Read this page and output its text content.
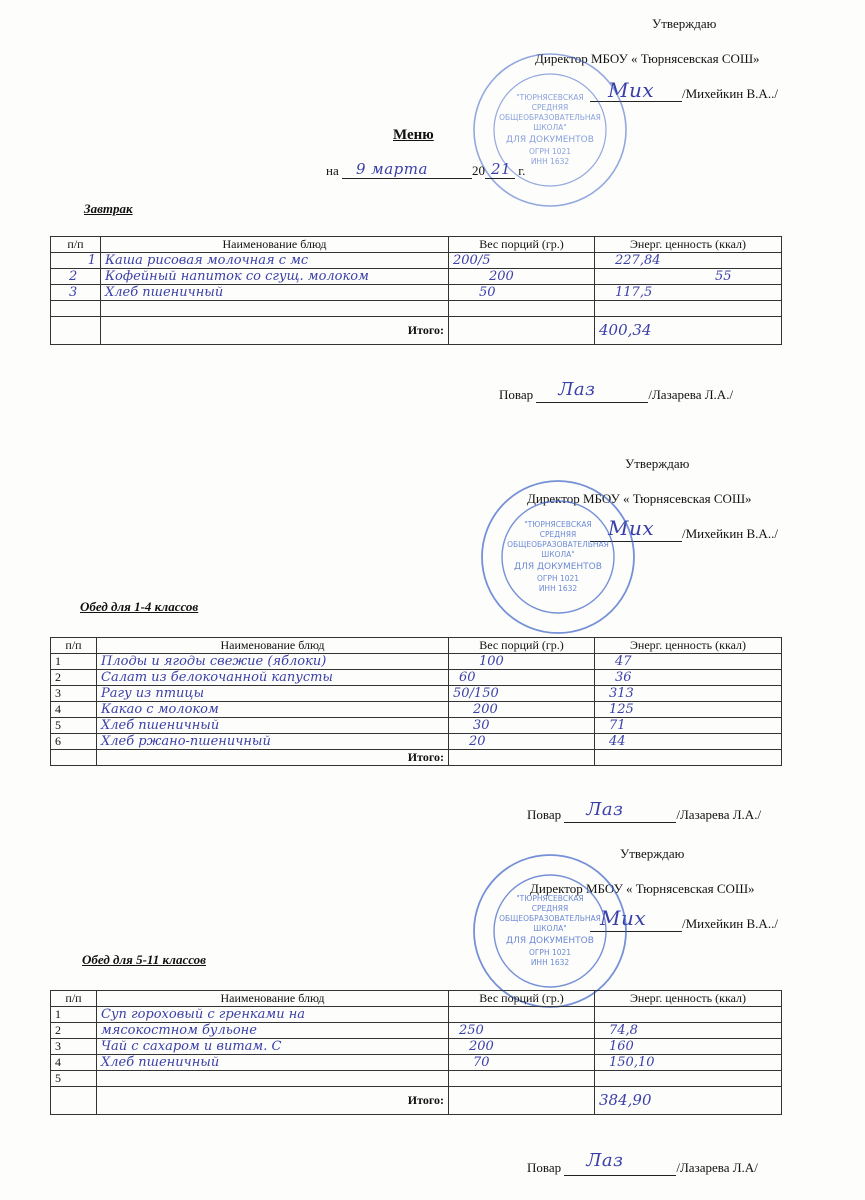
Утверждаю
Директор МБОУ « Тюрнясевская СОШ»
Мих /Михейкин В.А../
"ТЮРНЯСЕВСКАЯ
СРЕДНЯЯ
ОБЩЕОБРАЗОВАТЕЛЬНАЯ
ШКОЛА"
ДЛЯ ДОКУМЕНТОВ
ОГРН 1021
ИНН 1632
Меню
на 9 марта	20 21 г.
Завтрак
п/п	Наименование блюд	Вес порций (гр.)	Энерг. ценность (ккал)
1	Каша рисовая молочная с мс	200/5	227,84
2	Кофейный напиток со сгущ. молоком	200	55
3	Хлеб пшеничный	50	117,5

	Итого:		400,34
Повар Лаз	/Лазарева Л.А./
Утверждаю
Директор МБОУ « Тюрнясевская СОШ»
Мих /Михейкин В.А../
"ТЮРНЯСЕВСКАЯ
СРЕДНЯЯ
ОБЩЕОБРАЗОВАТЕЛЬНАЯ
ШКОЛА"
ДЛЯ ДОКУМЕНТОВ
ОГРН 1021
ИНН 1632
Обед для 1-4 классов
п/п	Наименование блюд	Вес порций (гр.)	Энерг. ценность (ккал)
1	Плоды и ягоды свежие (яблоки)	100	47
2	Салат из белокочанной капусты	60	36
3	Рагу из птицы	50/150	313
4	Какао с молоком	200	125
5	Хлеб пшеничный	30	71
6	Хлеб ржано-пшеничный	20	44
	Итого:		
Повар Лаз	/Лазарева Л.А./
Утверждаю
Директор МБОУ « Тюрнясевская СОШ»
Мих	/Михейкин В.А../
"ТЮРНЯСЕВСКАЯ
СРЕДНЯЯ
ОБЩЕОБРАЗОВАТЕЛЬНАЯ
ШКОЛА"
ДЛЯ ДОКУМЕНТОВ
ОГРН 1021
ИНН 1632
Обед для 5-11 классов
п/п	Наименование блюд	Вес порций (гр.)	Энерг. ценность (ккал)
1	Суп гороховый с гренками на		
2	мясокостном бульоне	250	74,8
3	Чай с сахаром и витам. С	200	160
4	Хлеб пшеничный	70	150,10
5			
	Итого:		384,90
Повар Лаз	/Лазарева Л.А/
